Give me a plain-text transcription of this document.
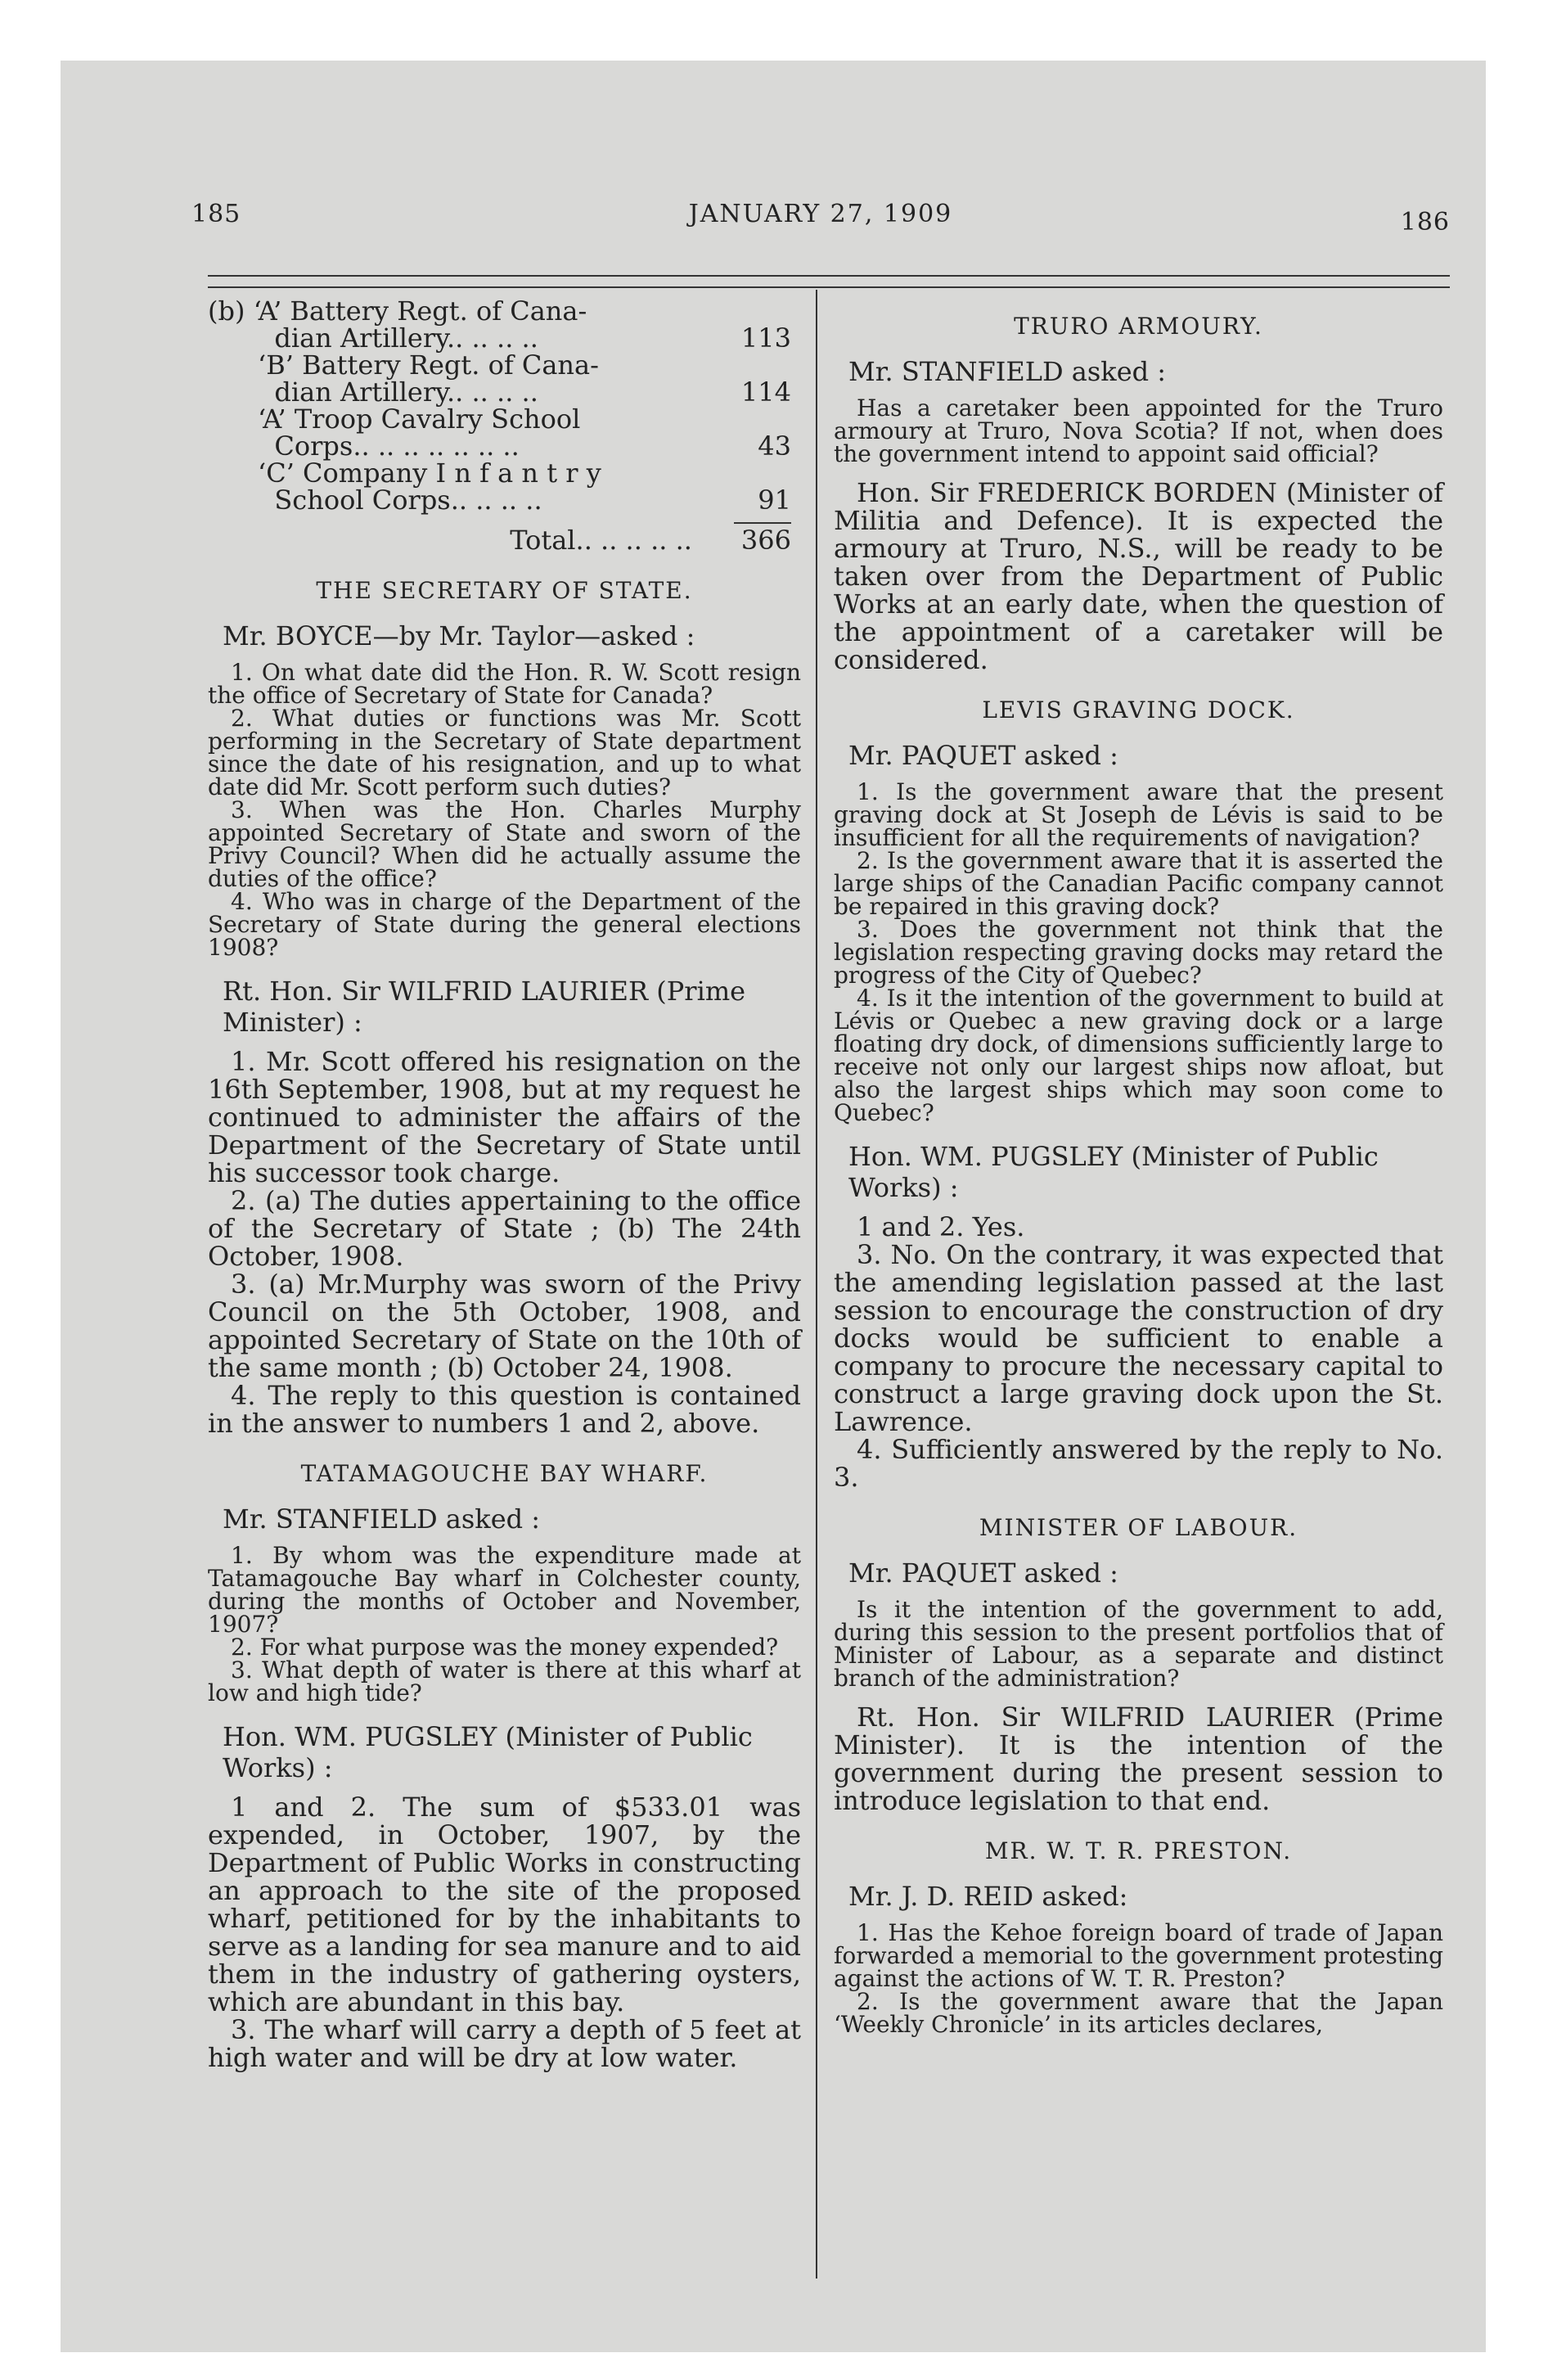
185	JANUARY 27, 1909	186
(b) ‘A’ Battery Regt. of Cana-
dian Artillery.. .. .. ..	113
‘B’ Battery Regt. of Cana-
dian Artillery.. .. .. ..	114
‘A’ Troop Cavalry School
Corps.. .. .. .. .. .. ..	43
‘C’ Company I n f a n t r y
School Corps.. .. .. ..	91
Total.. .. .. .. .. 366
THE SECRETARY OF STATE.
Mr. BOYCE—by Mr. Taylor—asked :

1. On what date did the Hon. R. W. Scott resign the office of Secretary of State for Canada?

2. What duties or functions was Mr. Scott performing in the Secretary of State department since the date of his resignation, and up to what date did Mr. Scott perform such duties?

3. When was the Hon. Charles Murphy appointed Secretary of State and sworn of the Privy Council? When did he actually assume the duties of the office?

4. Who was in charge of the Department of the Secretary of State during the general elections 1908?

Rt. Hon. Sir WILFRID LAURIER (Prime Minister) :

1. Mr. Scott offered his resignation on the 16th September, 1908, but at my request he continued to administer the affairs of the Department of the Secretary of State until his successor took charge.

2. (a) The duties appertaining to the office of the Secretary of State ; (b) The 24th October, 1908.

3. (a) Mr.Murphy was sworn of the Privy Council on the 5th October, 1908, and appointed Secretary of State on the 10th of the same month ; (b) October 24, 1908.

4. The reply to this question is contained in the answer to numbers 1 and 2, above.

TATAMAGOUCHE BAY WHARF.
Mr. STANFIELD asked :

1. By whom was the expenditure made at Tatamagouche Bay wharf in Colchester county, during the months of October and November, 1907?

2. For what purpose was the money expended?

3. What depth of water is there at this wharf at low and high tide?

Hon. WM. PUGSLEY (Minister of Public Works) :

1 and 2. The sum of $533.01 was expended, in October, 1907, by the Department of Public Works in constructing an approach to the site of the proposed wharf, petitioned for by the inhabitants to serve as a landing for sea manure and to aid them in the industry of gathering oysters, which are abundant in this bay.

3. The wharf will carry a depth of 5 feet at high water and will be dry at low water.

TRURO ARMOURY.
Mr. STANFIELD asked :

Has a caretaker been appointed for the Truro armoury at Truro, Nova Scotia? If not, when does the government intend to appoint said official?

Hon. Sir FREDERICK BORDEN (Minister of Militia and Defence). It is expected the armoury at Truro, N.S., will be ready to be taken over from the Department of Public Works at an early date, when the question of the appointment of a caretaker will be considered.

LEVIS GRAVING DOCK.
Mr. PAQUET asked :

1. Is the government aware that the present graving dock at St Joseph de Lévis is said to be insufficient for all the requirements of navigation?

2. Is the government aware that it is asserted the large ships of the Canadian Pacific company cannot be repaired in this graving dock?

3. Does the government not think that the legislation respecting graving docks may retard the progress of the City of Quebec?

4. Is it the intention of the government to build at Lévis or Quebec a new graving dock or a large floating dry dock, of dimensions sufficiently large to receive not only our largest ships now afloat, but also the largest ships which may soon come to Quebec?

Hon. WM. PUGSLEY (Minister of Public Works) :

1 and 2. Yes.

3. No. On the contrary, it was expected that the amending legislation passed at the last session to encourage the construction of dry docks would be sufficient to enable a company to procure the necessary capital to construct a large graving dock upon the St. Lawrence.

4. Sufficiently answered by the reply to No. 3.

MINISTER OF LABOUR.
Mr. PAQUET asked :

Is it the intention of the government to add, during this session to the present portfolios that of Minister of Labour, as a separate and distinct branch of the administration?

Rt. Hon. Sir WILFRID LAURIER (Prime Minister). It is the intention of the government during the present session to introduce legislation to that end.

MR. W. T. R. PRESTON.
Mr. J. D. REID asked:

1. Has the Kehoe foreign board of trade of Japan forwarded a memorial to the government protesting against the actions of W. T. R. Preston?

2. Is the government aware that the Japan ‘Weekly Chronicle’ in its articles declares,
